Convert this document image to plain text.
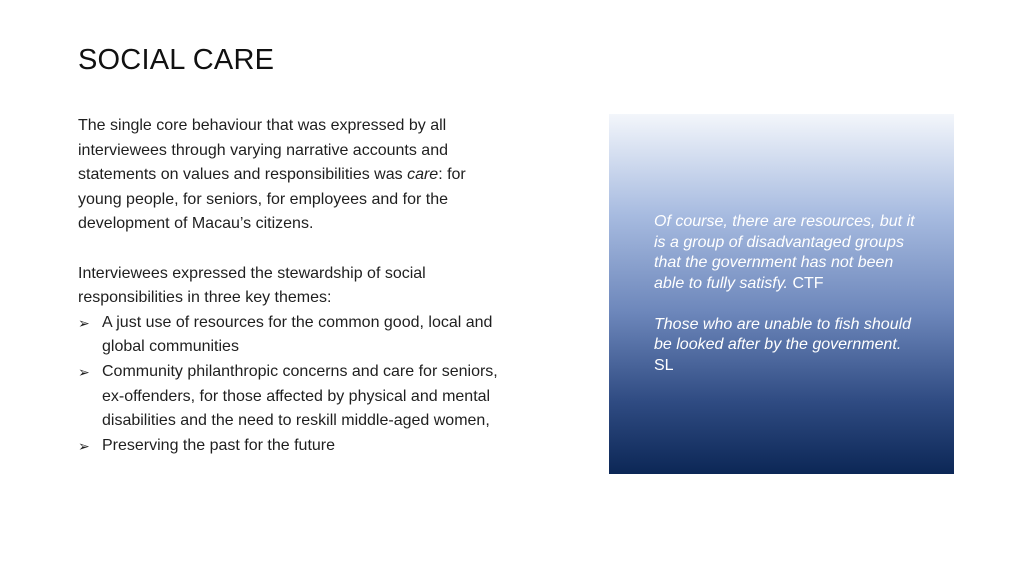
SOCIAL CARE

The single core behaviour that was expressed by all interviewees through varying narrative accounts and statements on values and responsibilities was care: for young people, for seniors, for employees and for the development of Macau’s citizens.

Interviewees expressed the stewardship of social responsibilities in three key themes:

➢ A just use of resources for the common good, local and global communities
➢ Community philanthropic concerns and care for seniors, ex-offenders, for those affected by physical and mental disabilities and the need to reskill middle-aged women,
➢ Preserving the past for the future

Of course, there are resources, but it is a group of disadvantaged groups that the government has not been able to fully satisfy. CTF

Those who are unable to fish should be looked after by the government. SL
